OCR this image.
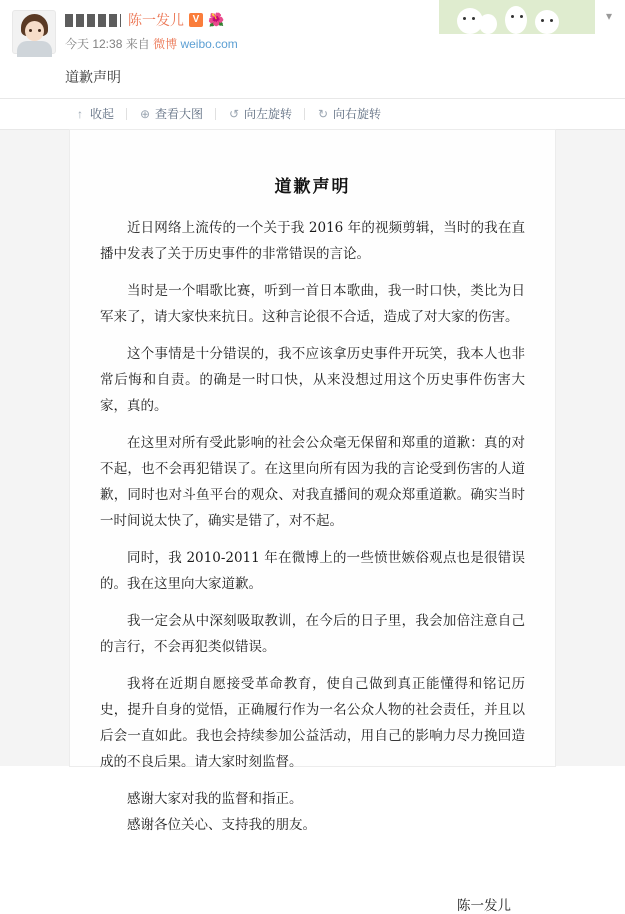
陈一发儿 V 🌺
今天 12:38 来自 微博 weibo.com
▾
道歉声明
↑ 收起 ⊕ 查看大图 ↺ 向左旋转 ↻ 向右旋转
道歉声明

近日网络上流传的一个关于我 2016 年的视频剪辑，当时的我在直播中发表了关于历史事件的非常错误的言论。

当时是一个唱歌比赛，听到一首日本歌曲，我一时口快，类比为日军来了，请大家快来抗日。这种言论很不合适，造成了对大家的伤害。

这个事情是十分错误的，我不应该拿历史事件开玩笑，我本人也非常后悔和自责。的确是一时口快，从来没想过用这个历史事件伤害大家，真的。

在这里对所有受此影响的社会公众毫无保留和郑重的道歉：真的对不起，也不会再犯错误了。在这里向所有因为我的言论受到伤害的人道歉，同时也对斗鱼平台的观众、对我直播间的观众郑重道歉。确实当时一时间说太快了，确实是错了，对不起。

同时，我 2010-2011 年在微博上的一些愤世嫉俗观点也是很错误的。我在这里向大家道歉。

我一定会从中深刻吸取教训，在今后的日子里，我会加倍注意自己的言行，不会再犯类似错误。

我将在近期自愿接受革命教育，使自己做到真正能懂得和铭记历史，提升自身的觉悟，正确履行作为一名公众人物的社会责任，并且以后会一直如此。我也会持续参加公益活动，用自己的影响力尽力挽回造成的不良后果。请大家时刻监督。

感谢大家对我的监督和指正。

感谢各位关心、支持我的朋友。

陈一发儿
